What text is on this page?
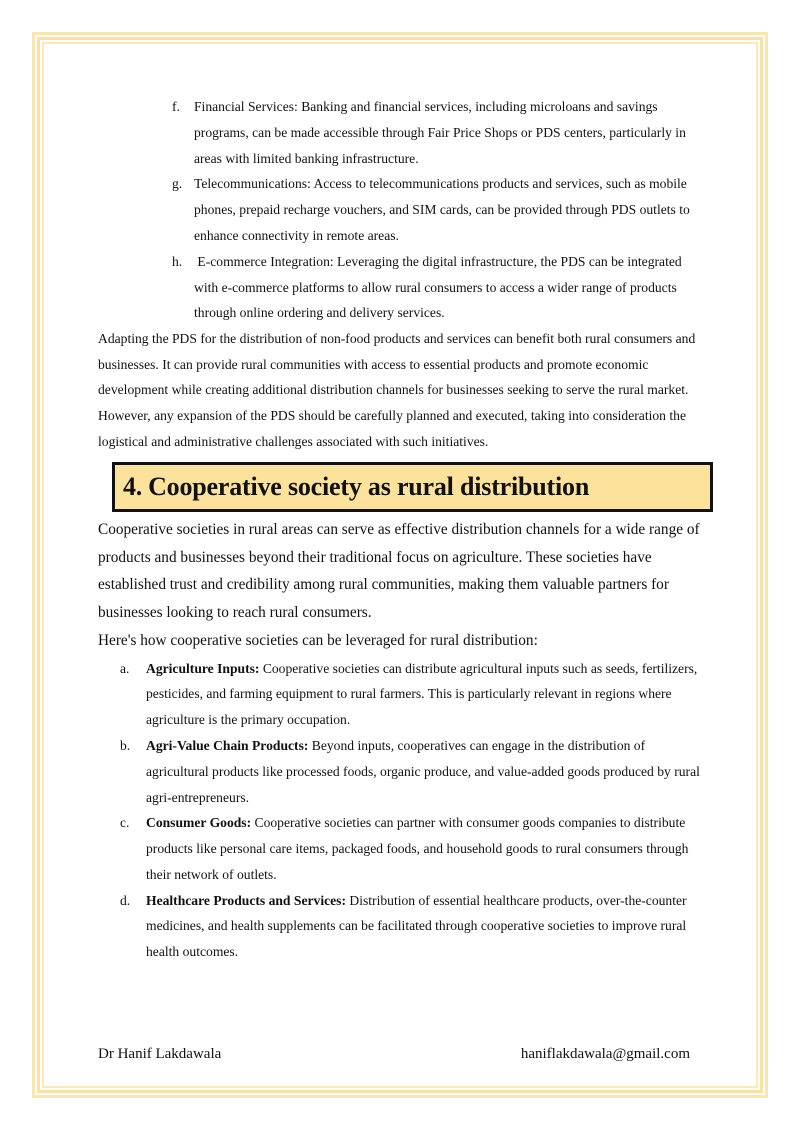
f. Financial Services: Banking and financial services, including microloans and savings programs, can be made accessible through Fair Price Shops or PDS centers, particularly in areas with limited banking infrastructure.
g. Telecommunications: Access to telecommunications products and services, such as mobile phones, prepaid recharge vouchers, and SIM cards, can be provided through PDS outlets to enhance connectivity in remote areas.
h. E-commerce Integration: Leveraging the digital infrastructure, the PDS can be integrated with e-commerce platforms to allow rural consumers to access a wider range of products through online ordering and delivery services.

Adapting the PDS for the distribution of non-food products and services can benefit both rural consumers and businesses. It can provide rural communities with access to essential products and promote economic development while creating additional distribution channels for businesses seeking to serve the rural market. However, any expansion of the PDS should be carefully planned and executed, taking into consideration the logistical and administrative challenges associated with such initiatives.

4. Cooperative society as rural distribution

Cooperative societies in rural areas can serve as effective distribution channels for a wide range of products and businesses beyond their traditional focus on agriculture. These societies have established trust and credibility among rural communities, making them valuable partners for businesses looking to reach rural consumers.

Here's how cooperative societies can be leveraged for rural distribution:

a. Agriculture Inputs: Cooperative societies can distribute agricultural inputs such as seeds, fertilizers, pesticides, and farming equipment to rural farmers. This is particularly relevant in regions where agriculture is the primary occupation.
b. Agri-Value Chain Products: Beyond inputs, cooperatives can engage in the distribution of agricultural products like processed foods, organic produce, and value-added goods produced by rural agri-entrepreneurs.
c. Consumer Goods: Cooperative societies can partner with consumer goods companies to distribute products like personal care items, packaged foods, and household goods to rural consumers through their network of outlets.
d. Healthcare Products and Services: Distribution of essential healthcare products, over-the-counter medicines, and health supplements can be facilitated through cooperative societies to improve rural health outcomes.
Dr Hanif Lakdawala	haniflakdawala@gmail.com
